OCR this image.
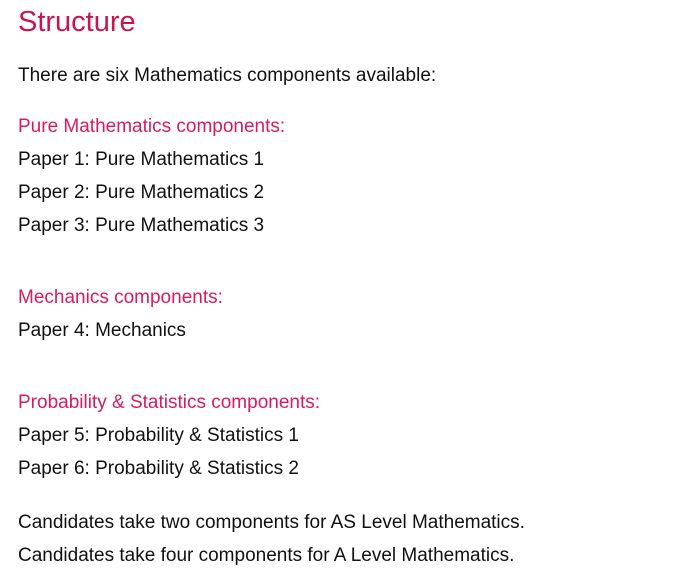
Structure

There are six Mathematics components available:

Pure Mathematics components:

Paper 1: Pure Mathematics 1

Paper 2: Pure Mathematics 2

Paper 3: Pure Mathematics 3

Mechanics components:

Paper 4: Mechanics

Probability & Statistics components:

Paper 5: Probability & Statistics 1

Paper 6: Probability & Statistics 2

Candidates take two components for AS Level Mathematics.

Candidates take four components for A Level Mathematics.
